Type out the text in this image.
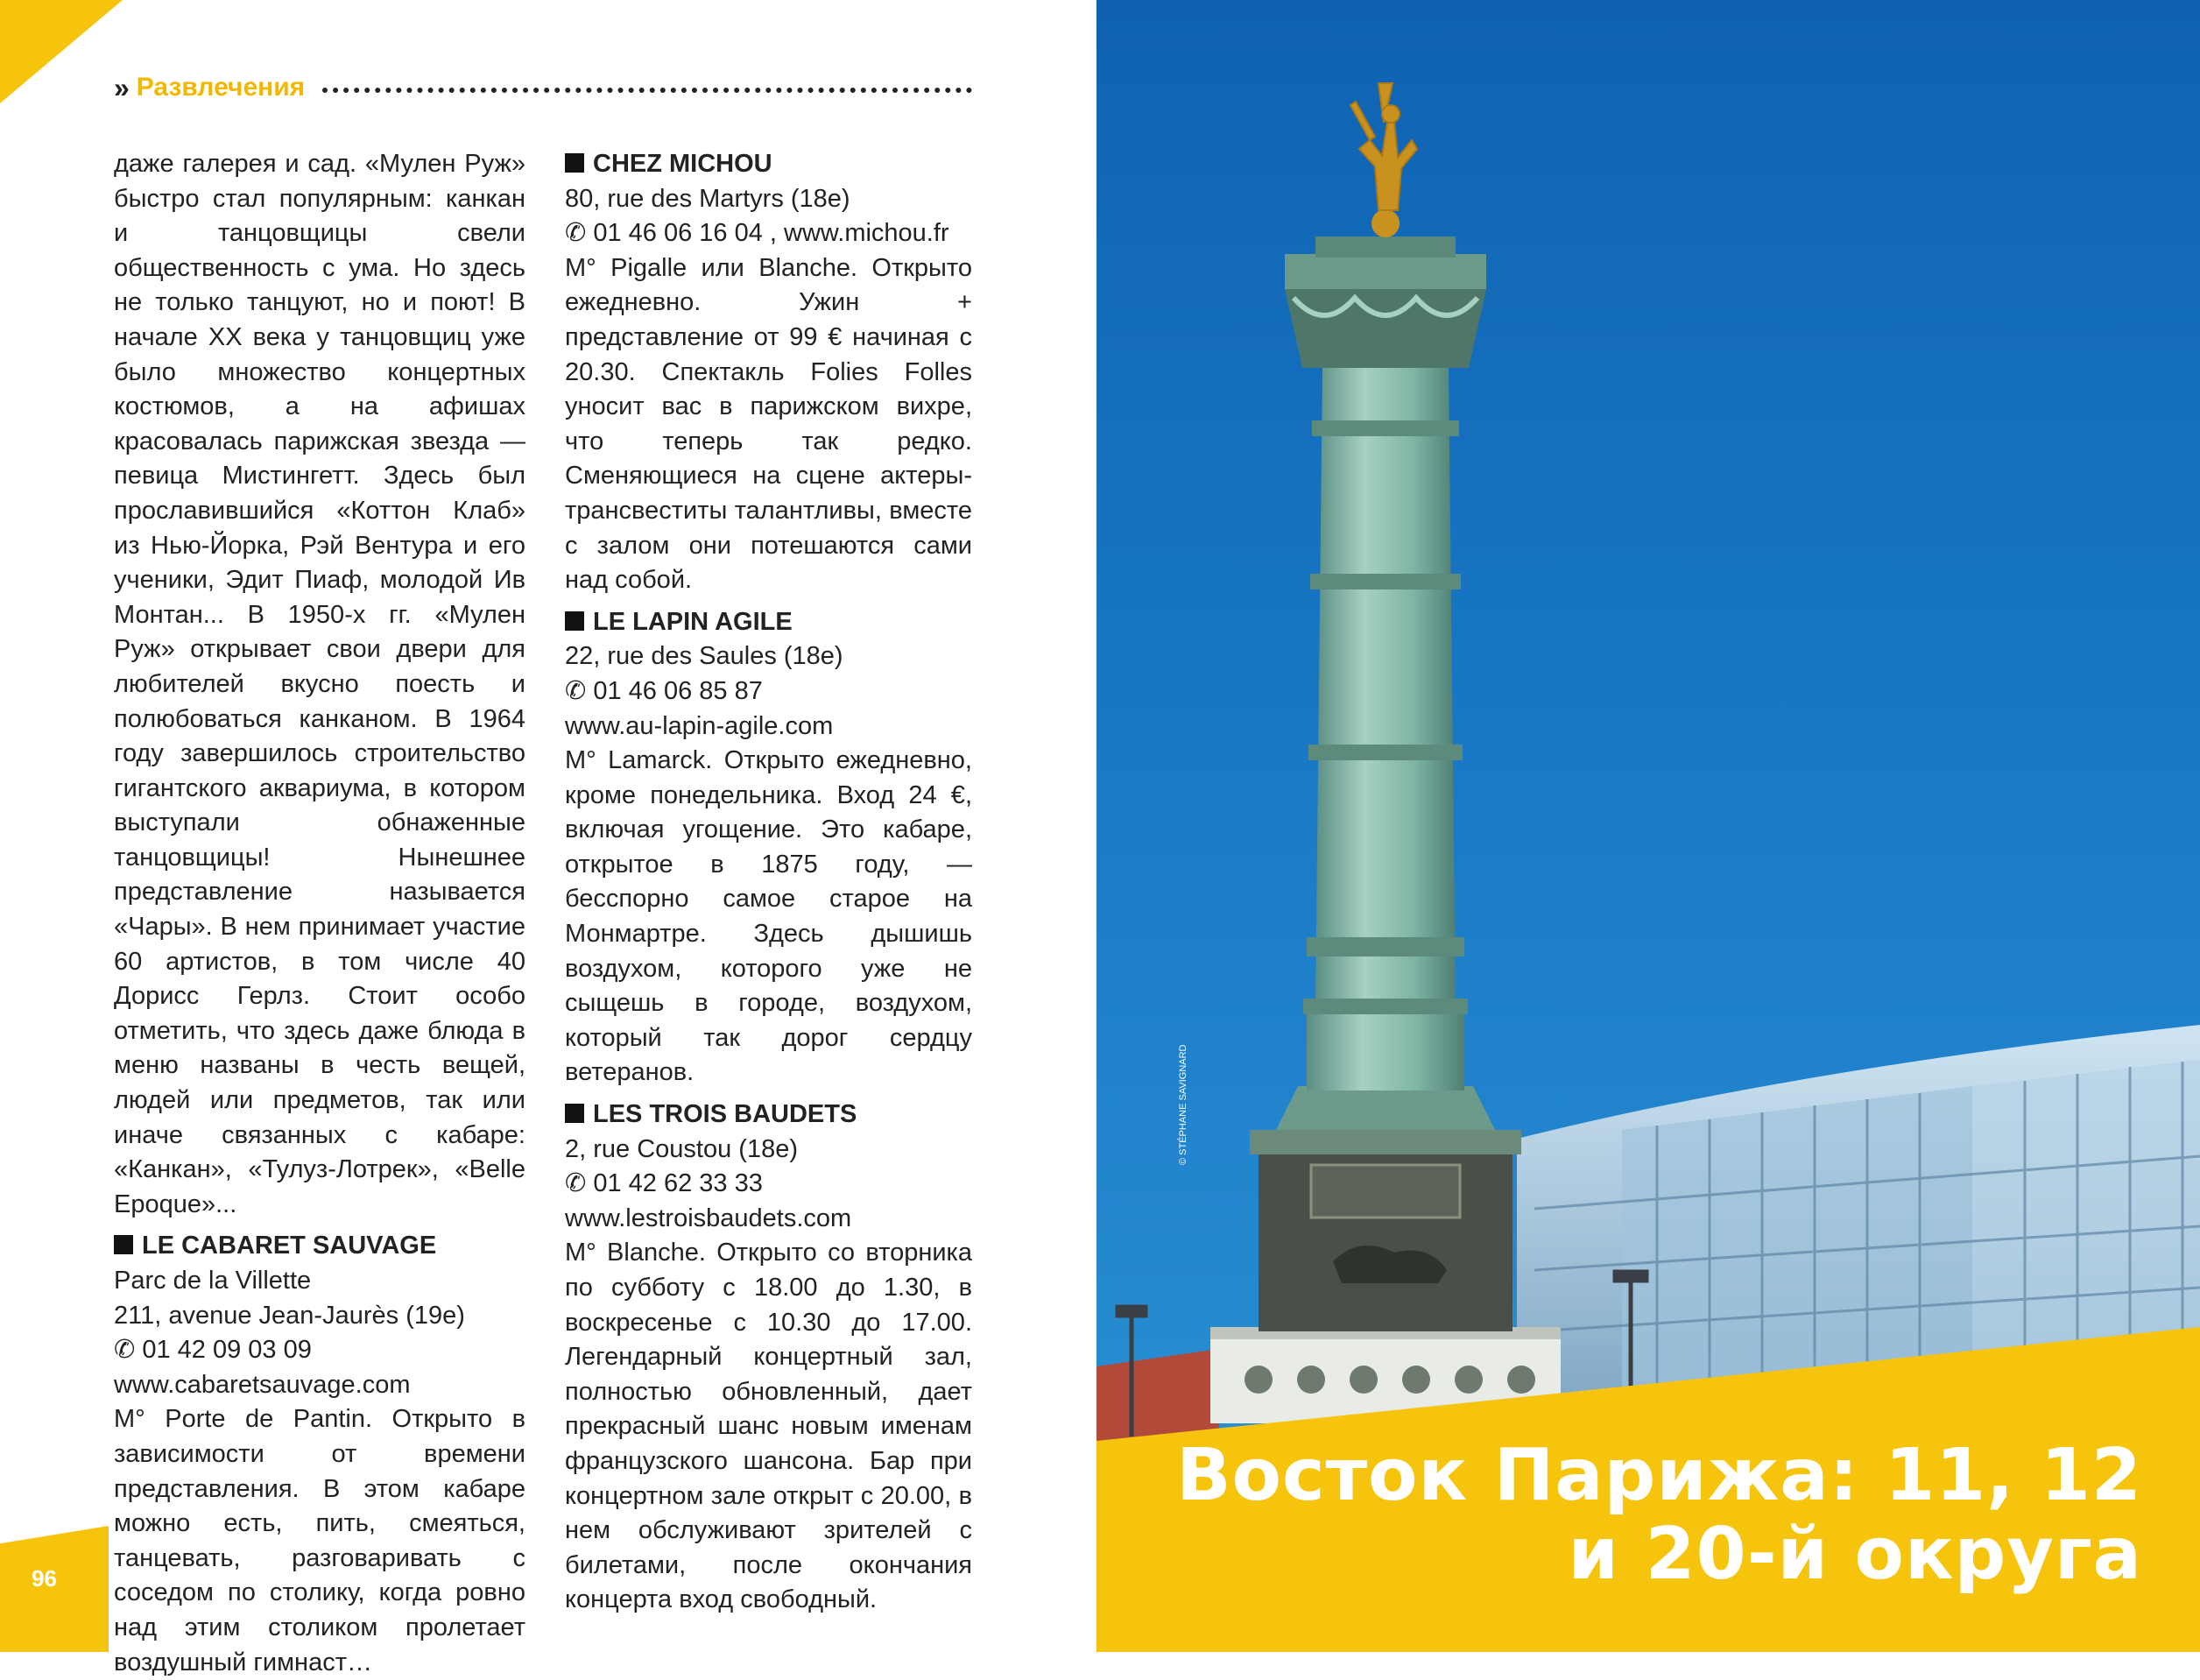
» Развлечения

даже галерея и сад. «Мулен Руж» быстро стал популярным: канкан и танцовщицы свели общественность с ума. Но здесь не только танцуют, но и поют! В начале XX века у танцовщиц уже было множество концертных костюмов, а на афишах красовалась парижская звезда — певица Мистингетт. Здесь был прославившийся «Коттон Клаб» из Нью-Йорка, Рэй Вентура и его ученики, Эдит Пиаф, молодой Ив Монтан... В 1950-х гг. «Мулен Руж» открывает свои двери для любителей вкусно поесть и полюбоваться канканом. В 1964 году завершилось строительство гигантского аквариума, в котором выступали обнаженные танцовщицы! Нынешнее представление называется «Чары». В нем принимает участие 60 артистов, в том числе 40 Дорисс Герлз. Стоит особо отметить, что здесь даже блюда в меню названы в честь вещей, людей или предметов, так или иначе связанных с кабаре: «Канкан», «Тулуз-Лотрек», «Belle Epoque»...

LE CABARET SAUVAGE

Parc de la Villette

211, avenue Jean-Jaurès (19e)

✆ 01 42 09 03 09

www.cabaretsauvage.com

M° Porte de Pantin. Открыто в зависимости от времени представления. В этом кабаре можно есть, пить, смеяться, танцевать, разговаривать с соседом по столику, когда ровно над этим столиком пролетает воздушный гимнаст…

CHEZ MICHOU

80, rue des Martyrs (18e)

✆ 01 46 06 16 04 , www.michou.fr

M° Pigalle или Blanche. Открыто ежедневно. Ужин + представление от 99 € начиная с 20.30. Спектакль Folies Folles уносит вас в парижском вихре, что теперь так редко. Сменяющиеся на сцене актеры-трансвеститы талантливы, вместе с залом они потешаются сами над собой.

LE LAPIN AGILE

22, rue des Saules (18e)

✆ 01 46 06 85 87

www.au-lapin-agile.com

M° Lamarck. Открыто ежедневно, кроме понедельника. Вход 24 €, включая угощение. Это кабаре, открытое в 1875 году, — бесспорно самое старое на Монмартре. Здесь дышишь воздухом, которого уже не сыщешь в городе, воздухом, который так дорог сердцу ветеранов.

LES TROIS BAUDETS

2, rue Coustou (18e)

✆ 01 42 62 33 33

www.lestroisbaudets.com

M° Blanche. Открыто со вторника по субботу с 18.00 до 1.30, в воскресенье с 10.30 до 17.00. Легендарный концертный зал, полностью обновленный, дает прекрасный шанс новым именам французского шансона. Бар при концертном зале открыт с 20.00, в нем обслуживают зрителей с билетами, после окончания концерта вход свободный.

96
Восток Парижа: 11, 12
и 20-й округа
© STÉPHANE SAVIGNARD
